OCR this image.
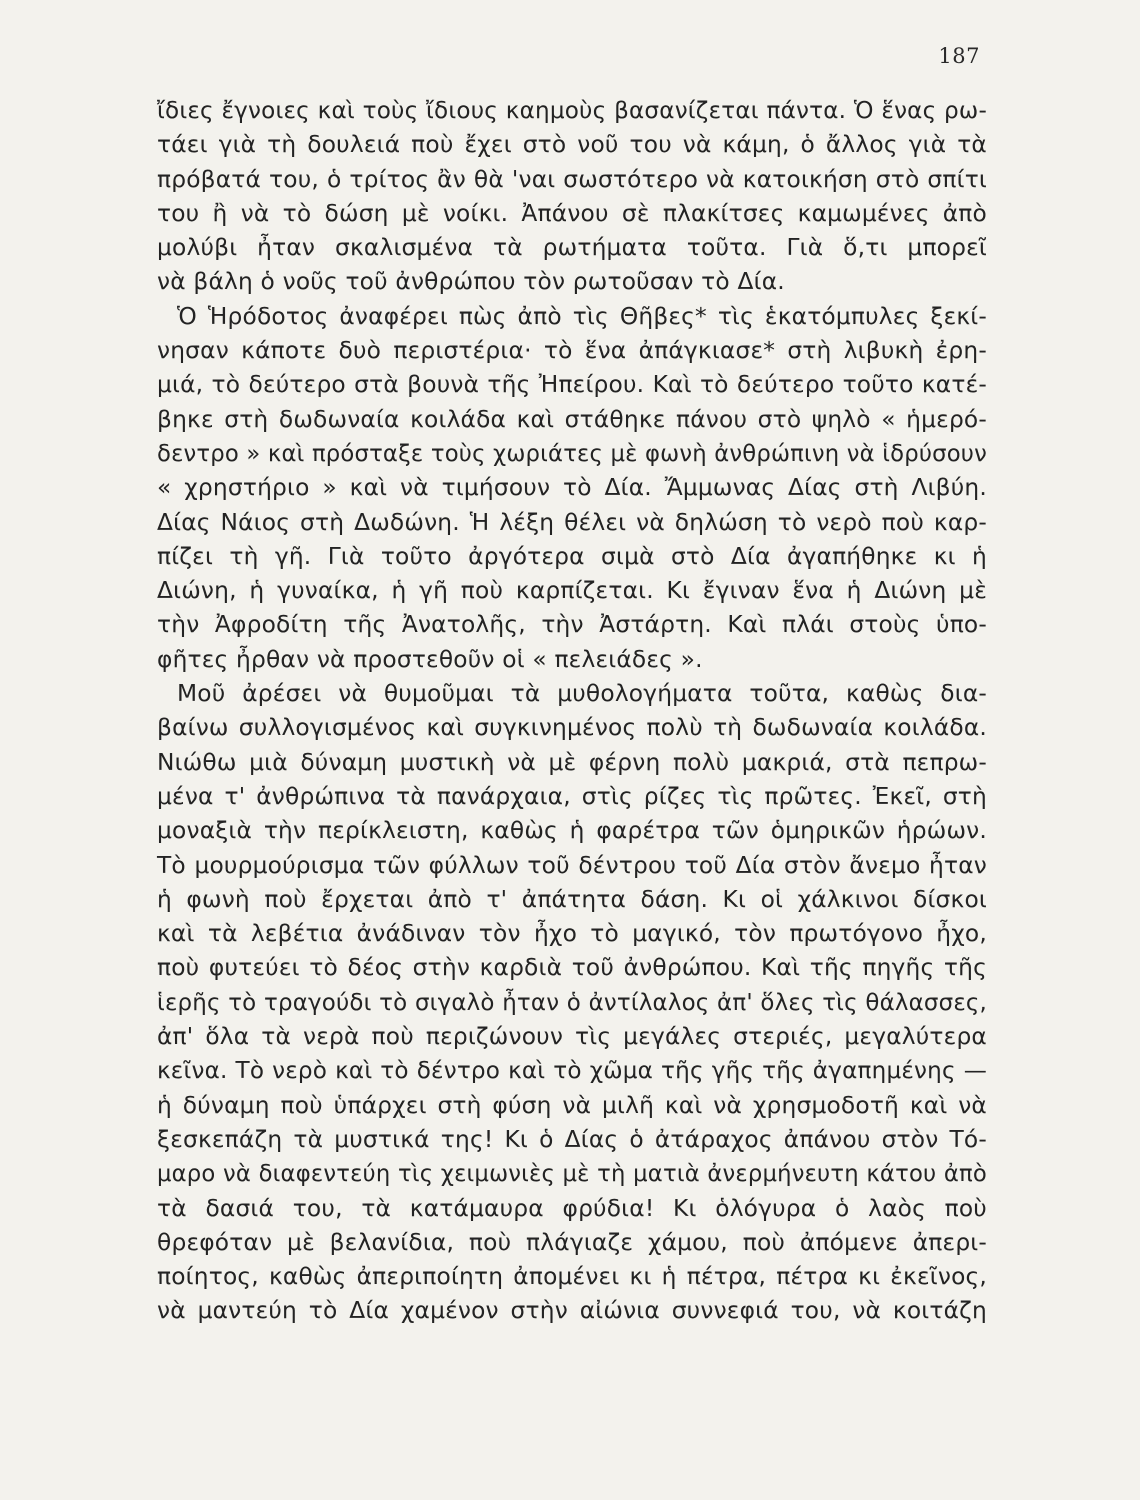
187
ἴδιες ἔγνοιες καὶ τοὺς ἴδιους καημοὺς βασανίζεται πάντα. Ὁ ἕνας ρω-
τάει γιὰ τὴ δουλειά ποὺ ἔχει στὸ νοῦ του νὰ κάμη, ὁ ἄλλος γιὰ τὰ
πρόβατά του, ὁ τρίτος ἂν θὰ 'ναι σωστότερο νὰ κατοικήση στὸ σπίτι
του ἢ νὰ τὸ δώση μὲ νοίκι. Ἀπάνου σὲ πλακίτσες καμωμένες ἀπὸ
μολύβι ἦταν σκαλισμένα τὰ ρωτήματα τοῦτα. Γιὰ ὅ,τι μπορεῖ
νὰ βάλη ὁ νοῦς τοῦ ἀνθρώπου τὸν ρωτοῦσαν τὸ Δία.
Ὁ Ἡρόδοτος ἀναφέρει πὼς ἀπὸ τὶς Θῆβες* τὶς ἑκατόμπυλες ξεκί-
νησαν κάποτε δυὸ περιστέρια· τὸ ἕνα ἀπάγκιασε* στὴ λιβυκὴ ἐρη-
μιά, τὸ δεύτερο στὰ βουνὰ τῆς Ἠπείρου. Καὶ τὸ δεύτερο τοῦτο κατέ-
βηκε στὴ δωδωναία κοιλάδα καὶ στάθηκε πάνου στὸ ψηλὸ « ἡμερό-
δεντρο » καὶ πρόσταξε τοὺς χωριάτες μὲ φωνὴ ἀνθρώπινη νὰ ἱδρύσουν
« χρηστήριο » καὶ νὰ τιμήσουν τὸ Δία. Ἄμμωνας Δίας στὴ Λιβύη.
Δίας Νάιος στὴ Δωδώνη. Ἡ λέξη θέλει νὰ δηλώση τὸ νερὸ ποὺ καρ-
πίζει τὴ γῆ. Γιὰ τοῦτο ἀργότερα σιμὰ στὸ Δία ἀγαπήθηκε κι ἡ
Διώνη, ἡ γυναίκα, ἡ γῆ ποὺ καρπίζεται. Κι ἔγιναν ἕνα ἡ Διώνη μὲ
τὴν Ἀφροδίτη τῆς Ἀνατολῆς, τὴν Ἀστάρτη. Καὶ πλάι στοὺς ὑπο-
φῆτες ἦρθαν νὰ προστεθοῦν οἱ « πελειάδες ».
Μοῦ ἀρέσει νὰ θυμοῦμαι τὰ μυθολογήματα τοῦτα, καθὼς δια-
βαίνω συλλογισμένος καὶ συγκινημένος πολὺ τὴ δωδωναία κοιλάδα.
Νιώθω μιὰ δύναμη μυστικὴ νὰ μὲ φέρνη πολὺ μακριά, στὰ πεπρω-
μένα τ' ἀνθρώπινα τὰ πανάρχαια, στὶς ρίζες τὶς πρῶτες. Ἐκεῖ, στὴ
μοναξιὰ τὴν περίκλειστη, καθὼς ἡ φαρέτρα τῶν ὁμηρικῶν ἡρώων.
Τὸ μουρμούρισμα τῶν φύλλων τοῦ δέντρου τοῦ Δία στὸν ἄνεμο ἦταν
ἡ φωνὴ ποὺ ἔρχεται ἀπὸ τ' ἀπάτητα δάση. Κι οἱ χάλκινοι δίσκοι
καὶ τὰ λεβέτια ἀνάδιναν τὸν ἦχο τὸ μαγικό, τὸν πρωτόγονο ἦχο,
ποὺ φυτεύει τὸ δέος στὴν καρδιὰ τοῦ ἀνθρώπου. Καὶ τῆς πηγῆς τῆς
ἱερῆς τὸ τραγούδι τὸ σιγαλὸ ἦταν ὁ ἀντίλαλος ἀπ' ὅλες τὶς θάλασσες,
ἀπ' ὅλα τὰ νερὰ ποὺ περιζώνουν τὶς μεγάλες στεριές, μεγαλύτερα
κεῖνα. Τὸ νερὸ καὶ τὸ δέντρο καὶ τὸ χῶμα τῆς γῆς τῆς ἀγαπημένης —
ἡ δύναμη ποὺ ὑπάρχει στὴ φύση νὰ μιλῆ καὶ νὰ χρησμοδοτῆ καὶ νὰ
ξεσκεπάζη τὰ μυστικά της! Κι ὁ Δίας ὁ ἀτάραχος ἀπάνου στὸν Τό-
μαρο νὰ διαφεντεύη τὶς χειμωνιὲς μὲ τὴ ματιὰ ἀνερμήνευτη κάτου ἀπὸ
τὰ δασιά του, τὰ κατάμαυρα φρύδια! Κι ὁλόγυρα ὁ λαὸς ποὺ
θρεφόταν μὲ βελανίδια, ποὺ πλάγιαζε χάμου, ποὺ ἀπόμενε ἀπερι-
ποίητος, καθὼς ἀπεριποίητη ἀπομένει κι ἡ πέτρα, πέτρα κι ἐκεῖνος,
νὰ μαντεύη τὸ Δία χαμένον στὴν αἰώνια συννεφιά του, νὰ κοιτάζη
